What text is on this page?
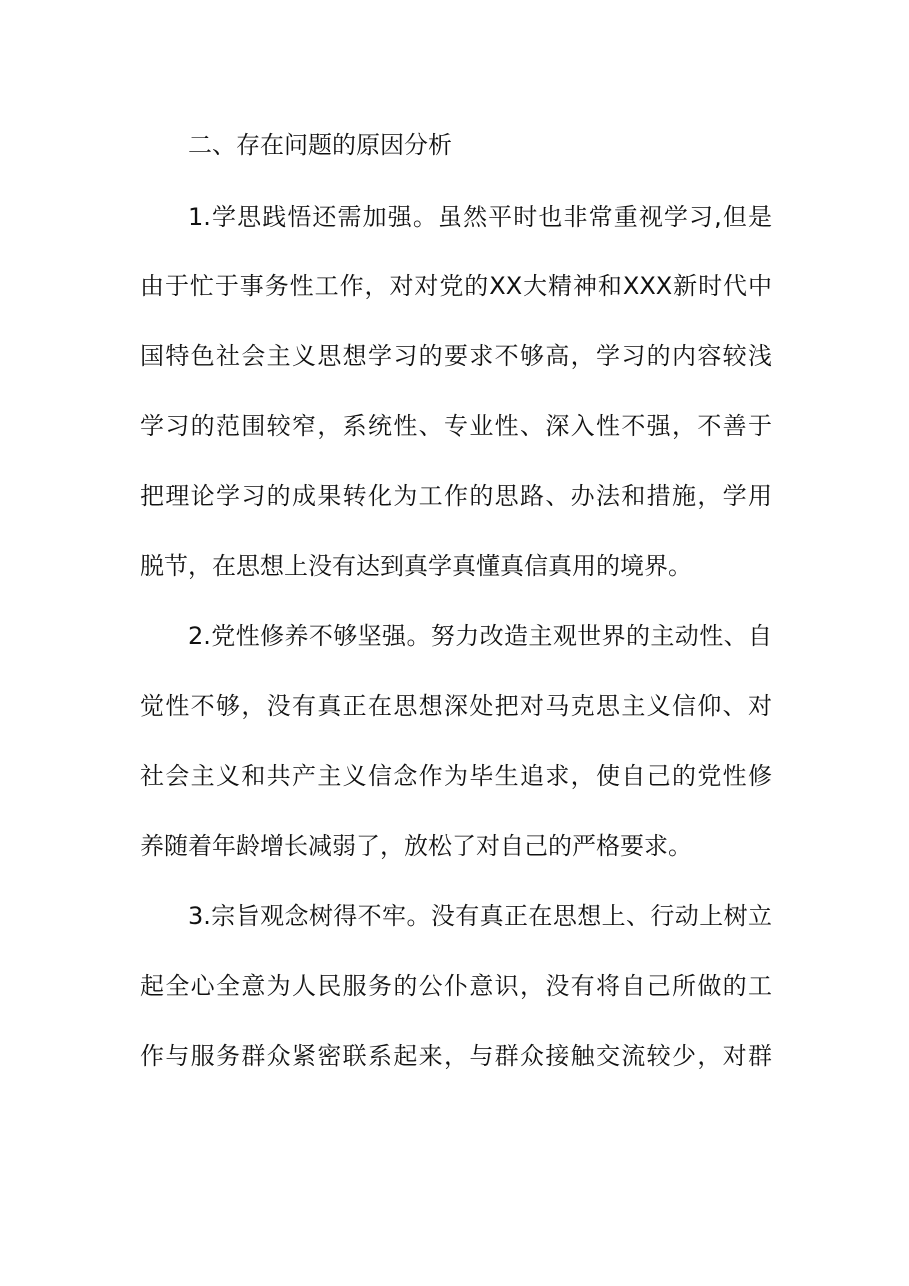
二、存在问题的原因分析
1.学思践悟还需加强。虽然平时也非常重视学习,但是
由于忙于事务性工作，对对党的XX大精神和XXX新时代中
国特色社会主义思想学习的要求不够高，学习的内容较浅
学习的范围较窄，系统性、专业性、深入性不强，不善于
把理论学习的成果转化为工作的思路、办法和措施，学用
脱节，在思想上没有达到真学真懂真信真用的境界。
2.党性修养不够坚强。努力改造主观世界的主动性、自
觉性不够，没有真正在思想深处把对马克思主义信仰、对
社会主义和共产主义信念作为毕生追求，使自己的党性修
养随着年龄增长减弱了，放松了对自己的严格要求。
3.宗旨观念树得不牢。没有真正在思想上、行动上树立
起全心全意为人民服务的公仆意识，没有将自己所做的工
作与服务群众紧密联系起来，与群众接触交流较少，对群
